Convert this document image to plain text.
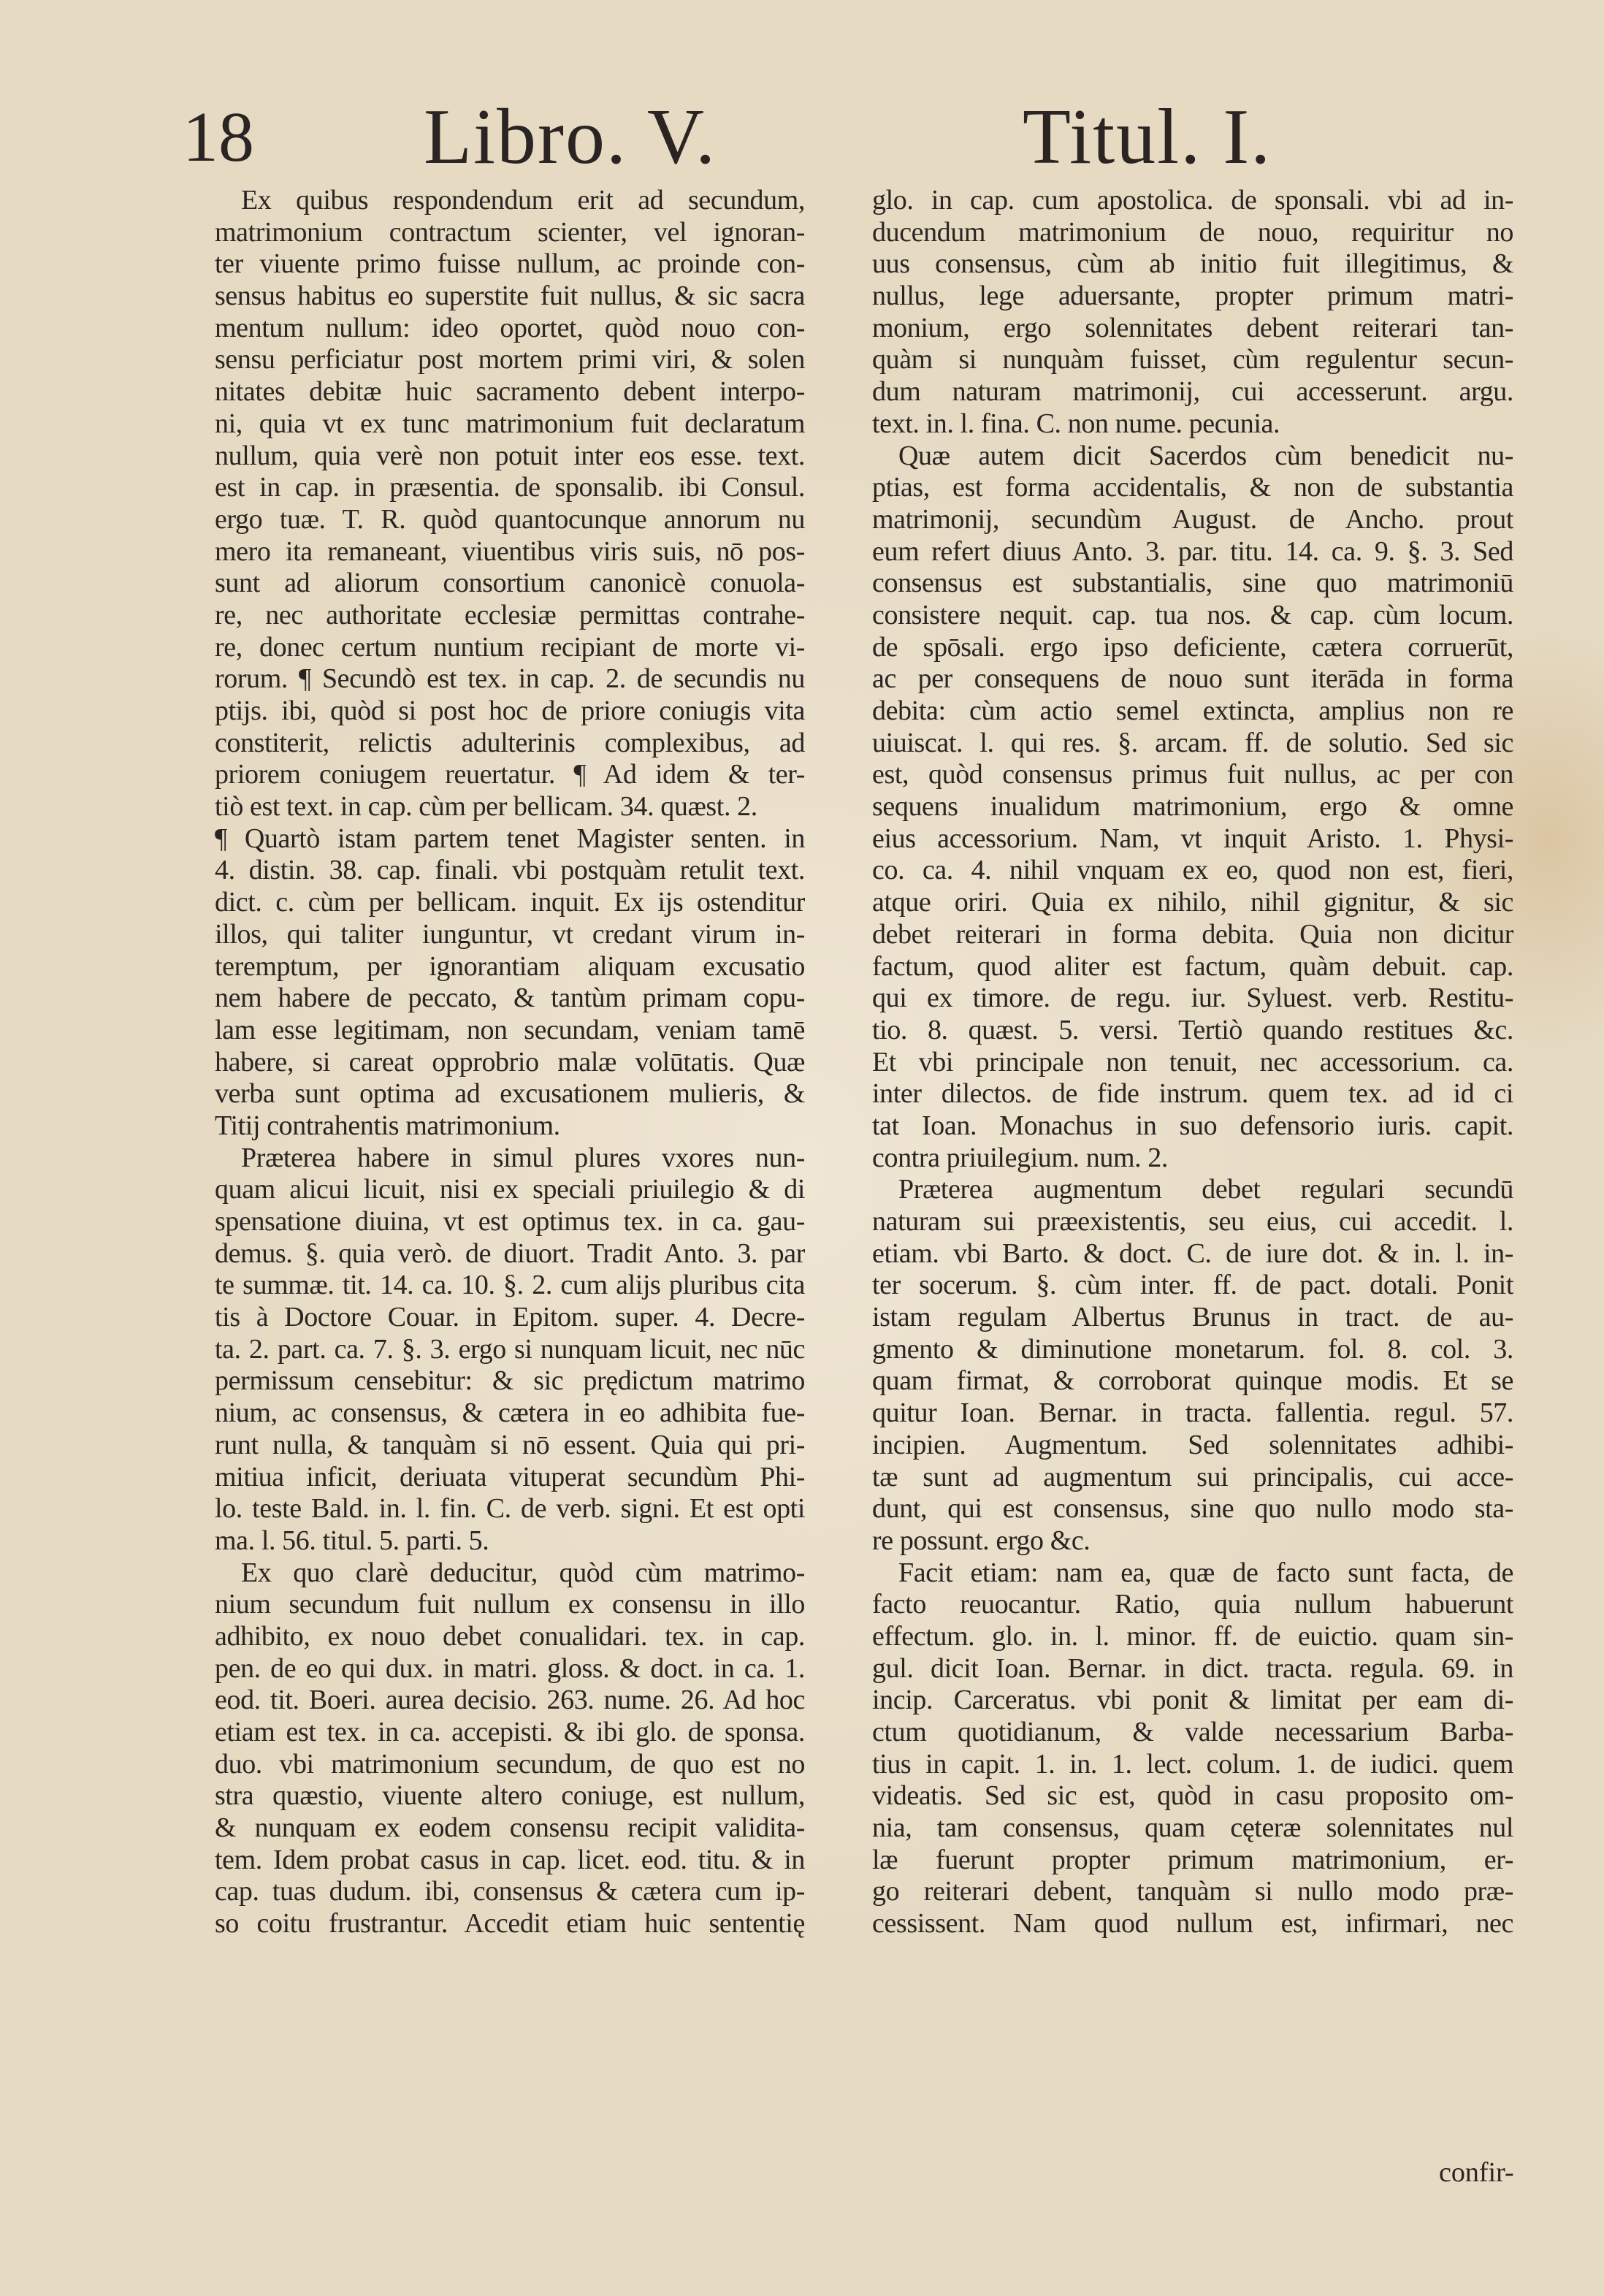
18 Libro. V.	Titul. I.
Ex quibus respondendum erit ad secundum,
matrimonium contractum scienter, vel ignoran-
ter viuente primo fuisse nullum, ac proinde con-
sensus habitus eo superstite fuit nullus, & sic sacra
mentum nullum: ideo oportet, quòd nouo con-
sensu perficiatur post mortem primi viri, & solen
nitates debitæ huic sacramento debent interpo-
ni, quia vt ex tunc matrimonium fuit declaratum
nullum, quia verè non potuit inter eos esse. text.
est in cap. in præsentia. de sponsalib. ibi Consul.
ergo tuæ. T. R. quòd quantocunque annorum nu
mero ita remaneant, viuentibus viris suis, nō pos-
sunt ad aliorum consortium canonicè conuola-
re, nec authoritate ecclesiæ permittas contrahe-
re, donec certum nuntium recipiant de morte vi-
rorum. ¶ Secundò est tex. in cap. 2. de secundis nu
ptijs. ibi, quòd si post hoc de priore coniugis vita
constiterit, relictis adulterinis complexibus, ad
priorem coniugem reuertatur. ¶ Ad idem & ter-
tiò est text. in cap. cùm per bellicam. 34. quæst. 2.
¶ Quartò istam partem tenet Magister senten. in
4. distin. 38. cap. finali. vbi postquàm retulit text.
dict. c. cùm per bellicam. inquit. Ex ijs ostenditur
illos, qui taliter iunguntur, vt credant virum in-
teremptum, per ignorantiam aliquam excusatio
nem habere de peccato, & tantùm primam copu-
lam esse legitimam, non secundam, veniam tamē
habere, si careat opprobrio malæ volūtatis. Quæ
verba sunt optima ad excusationem mulieris, &
Titij contrahentis matrimonium.
Præterea habere in simul plures vxores nun-
quam alicui licuit, nisi ex speciali priuilegio & di
spensatione diuina, vt est optimus tex. in ca. gau-
demus. §. quia verò. de diuort. Tradit Anto. 3. par
te summæ. tit. 14. ca. 10. §. 2. cum alijs pluribus cita
tis à Doctore Couar. in Epitom. super. 4. Decre-
ta. 2. part. ca. 7. §. 3. ergo si nunquam licuit, nec nūc
permissum censebitur: & sic prędictum matrimo
nium, ac consensus, & cætera in eo adhibita fue-
runt nulla, & tanquàm si nō essent. Quia qui pri-
mitiua inficit, deriuata vituperat secundùm Phi-
lo. teste Bald. in. l. fin. C. de verb. signi. Et est opti
ma. l. 56. titul. 5. parti. 5.
Ex quo clarè deducitur, quòd cùm matrimo-
nium secundum fuit nullum ex consensu in illo
adhibito, ex nouo debet conualidari. tex. in cap.
pen. de eo qui dux. in matri. gloss. & doct. in ca. 1.
eod. tit. Boeri. aurea decisio. 263. nume. 26. Ad hoc
etiam est tex. in ca. accepisti. & ibi glo. de sponsa.
duo. vbi matrimonium secundum, de quo est no
stra quæstio, viuente altero coniuge, est nullum,
& nunquam ex eodem consensu recipit validita-
tem. Idem probat casus in cap. licet. eod. titu. & in
cap. tuas dudum. ibi, consensus & cætera cum ip-
so coitu frustrantur. Accedit etiam huic sententię
glo. in cap. cum apostolica. de sponsali. vbi ad in-
ducendum matrimonium de nouo, requiritur no
uus consensus, cùm ab initio fuit illegitimus, &
nullus, lege aduersante, propter primum matri-
monium, ergo solennitates debent reiterari tan-
quàm si nunquàm fuisset, cùm regulentur secun-
dum naturam matrimonij, cui accesserunt. argu.
text. in. l. fina. C. non nume. pecunia.
Quæ autem dicit Sacerdos cùm benedicit nu-
ptias, est forma accidentalis, & non de substantia
matrimonij, secundùm August. de Ancho. prout
eum refert diuus Anto. 3. par. titu. 14. ca. 9. §. 3. Sed
consensus est substantialis, sine quo matrimoniū
consistere nequit. cap. tua nos. & cap. cùm locum.
de spōsali. ergo ipso deficiente, cætera corruerūt,
ac per consequens de nouo sunt iterāda in forma
debita: cùm actio semel extincta, amplius non re
uiuiscat. l. qui res. §. arcam. ff. de solutio. Sed sic
est, quòd consensus primus fuit nullus, ac per con
sequens inualidum matrimonium, ergo & omne
eius accessorium. Nam, vt inquit Aristo. 1. Physi-
co. ca. 4. nihil vnquam ex eo, quod non est, fieri,
atque oriri. Quia ex nihilo, nihil gignitur, & sic
debet reiterari in forma debita. Quia non dicitur
factum, quod aliter est factum, quàm debuit. cap.
qui ex timore. de regu. iur. Syluest. verb. Restitu-
tio. 8. quæst. 5. versi. Tertiò quando restitues &c.
Et vbi principale non tenuit, nec accessorium. ca.
inter dilectos. de fide instrum. quem tex. ad id ci
tat Ioan. Monachus in suo defensorio iuris. capit.
contra priuilegium. num. 2.
Præterea augmentum debet regulari secundū
naturam sui præexistentis, seu eius, cui accedit. l.
etiam. vbi Barto. & doct. C. de iure dot. & in. l. in-
ter socerum. §. cùm inter. ff. de pact. dotali. Ponit
istam regulam Albertus Brunus in tract. de au-
gmento & diminutione monetarum. fol. 8. col. 3.
quam firmat, & corroborat quinque modis. Et se
quitur Ioan. Bernar. in tracta. fallentia. regul. 57.
incipien. Augmentum. Sed solennitates adhibi-
tæ sunt ad augmentum sui principalis, cui acce-
dunt, qui est consensus, sine quo nullo modo sta-
re possunt. ergo &c.
Facit etiam: nam ea, quæ de facto sunt facta, de
facto reuocantur. Ratio, quia nullum habuerunt
effectum. glo. in. l. minor. ff. de euictio. quam sin-
gul. dicit Ioan. Bernar. in dict. tracta. regula. 69. in
incip. Carceratus. vbi ponit & limitat per eam di-
ctum quotidianum, & valde necessarium Barba-
tius in capit. 1. in. 1. lect. colum. 1. de iudici. quem
videatis. Sed sic est, quòd in casu proposito om-
nia, tam consensus, quam cęteræ solennitates nul
læ fuerunt propter primum matrimonium, er-
go reiterari debent, tanquàm si nullo modo præ-
cessissent. Nam quod nullum est, infirmari, nec
confir-
